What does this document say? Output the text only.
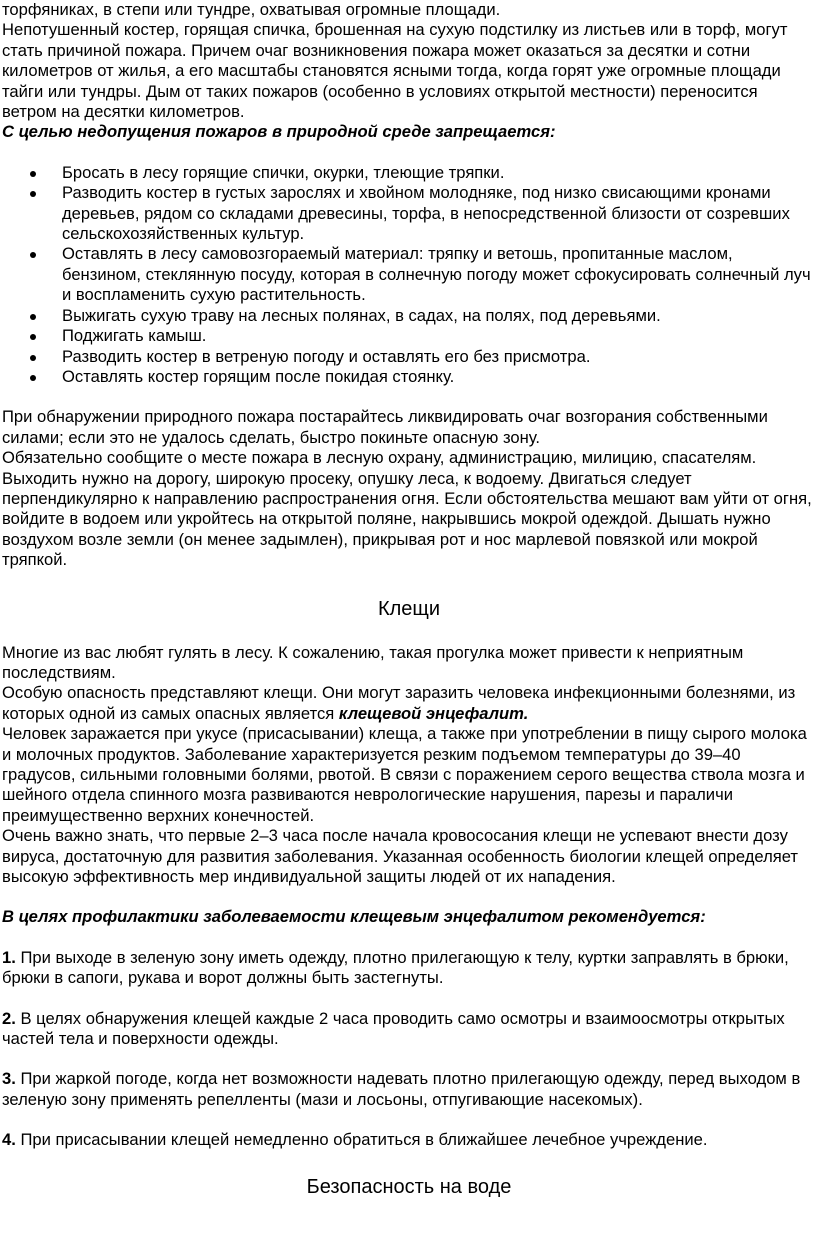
торфяниках, в степи или тундре, охватывая огромные площади.

Непотушенный костер, горящая спичка, брошенная на сухую подстилку из листьев или в торф, могут стать причиной пожара. Причем очаг возникновения пожара может оказаться за десятки и сотни километров от жилья, а его масштабы становятся ясными тогда, когда горят уже огромные площади тайги или тундры. Дым от таких пожаров (особенно в условиях открытой местности) переносится ветром на десятки километров.

С целью недопущения пожаров в природной среде запрещается:

Бросать в лесу горящие спички, окурки, тлеющие тряпки.
Разводить костер в густых зарослях и хвойном молодняке, под низко свисающими кронами деревьев, рядом со складами древесины, торфа, в непосредственной близости от созревших сельскохозяйственных культур.
Оставлять в лесу самовозгораемый материал: тряпку и ветошь, пропитанные маслом, бензином, стеклянную посуду, которая в солнечную погоду может сфокусировать солнечный луч и воспламенить сухую растительность.
Выжигать сухую траву на лесных полянах, в садах, на полях, под деревьями.
Поджигать камыш.
Разводить костер в ветреную погоду и оставлять его без присмотра.
Оставлять костер горящим после покидая стоянку.

При обнаружении природного пожара постарайтесь ликвидировать очаг возгорания собственными силами; если это не удалось сделать, быстро покиньте опасную зону.

Обязательно сообщите о месте пожара в лесную охрану, администрацию, милицию, спасателям.

Выходить нужно на дорогу, широкую просеку, опушку леса, к водоему. Двигаться следует перпендикулярно к направлению распространения огня. Если обстоятельства мешают вам уйти от огня, войдите в водоем или укройтесь на открытой поляне, накрывшись мокрой одеждой. Дышать нужно воздухом возле земли (он менее задымлен), прикрывая рот и нос марлевой повязкой или мокрой тряпкой.

Клещи

Многие из вас любят гулять в лесу. К сожалению, такая прогулка может привести к неприятным последствиям.

Особую опасность представляют клещи. Они могут заразить человека инфекционными болезнями, из которых одной из самых опасных является клещевой энцефалит.

Человек заражается при укусе (присасывании) клеща, а также при употреблении в пищу сырого молока и молочных продуктов. Заболевание характеризуется резким подъемом температуры до 39–40 градусов, сильными головными болями, рвотой. В связи с поражением серого вещества ствола мозга и шейного отдела спинного мозга развиваются неврологические нарушения, парезы и параличи преимущественно верхних конечностей.

Очень важно знать, что первые 2–3 часа после начала кровососания клещи не успевают внести дозу вируса, достаточную для развития заболевания. Указанная особенность биологии клещей определяет высокую эффективность мер индивидуальной защиты людей от их нападения.

В целях профилактики заболеваемости клещевым энцефалитом рекомендуется:

1. При выходе в зеленую зону иметь одежду, плотно прилегающую к телу, куртки заправлять в брюки, брюки в сапоги, рукава и ворот должны быть застегнуты.

2. В целях обнаружения клещей каждые 2 часа проводить само осмотры и взаимоосмотры открытых частей тела и поверхности одежды.

3. При жаркой погоде, когда нет возможности надевать плотно прилегающую одежду, перед выходом в зеленую зону применять репелленты (мази и лосьоны, отпугивающие насекомых).

4. При присасывании клещей немедленно обратиться в ближайшее лечебное учреждение.

Безопасность на воде
